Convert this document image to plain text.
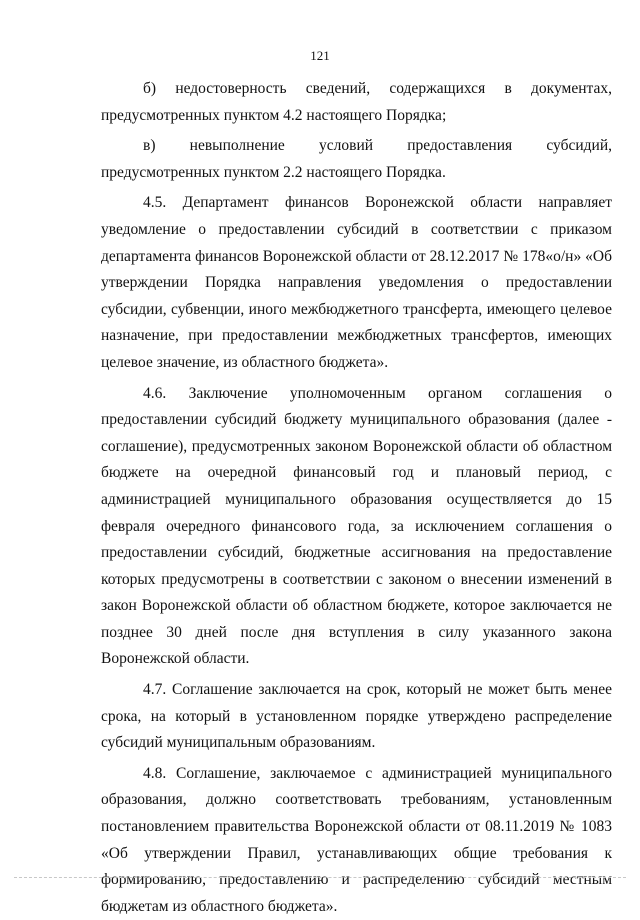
121

б) недостоверность сведений, содержащихся в документах, предусмотренных пунктом 4.2 настоящего Порядка;

в) невыполнение условий предоставления субсидий, предусмотренных пунктом 2.2 настоящего Порядка.

4.5. Департамент финансов Воронежской области направляет уведомление о предоставлении субсидий в соответствии с приказом департамента финансов Воронежской области от 28.12.2017 № 178«о/н» «Об утверждении Порядка направления уведомления о предоставлении субсидии, субвенции, иного межбюджетного трансферта, имеющего целевое назначение, при предоставлении межбюджетных трансфертов, имеющих целевое значение, из областного бюджета».

4.6. Заключение уполномоченным органом соглашения о предоставлении субсидий бюджету муниципального образования (далее - соглашение), предусмотренных законом Воронежской области об областном бюджете на очередной финансовый год и плановый период, с администрацией муниципального образования осуществляется до 15 февраля очередного финансового года, за исключением соглашения о предоставлении субсидий, бюджетные ассигнования на предоставление которых предусмотрены в соответствии с законом о внесении изменений в закон Воронежской области об областном бюджете, которое заключается не позднее 30 дней после дня вступления в силу указанного закона Воронежской области.

4.7. Соглашение заключается на срок, который не может быть менее срока, на который в установленном порядке утверждено распределение субсидий муниципальным образованиям.

4.8. Соглашение, заключаемое с администрацией муниципального образования, должно соответствовать требованиям, установленным постановлением правительства Воронежской области от 08.11.2019 № 1083 «Об утверждении Правил, устанавливающих общие требования к формированию, предоставлению и распределению субсидий местным бюджетам из областного бюджета».
